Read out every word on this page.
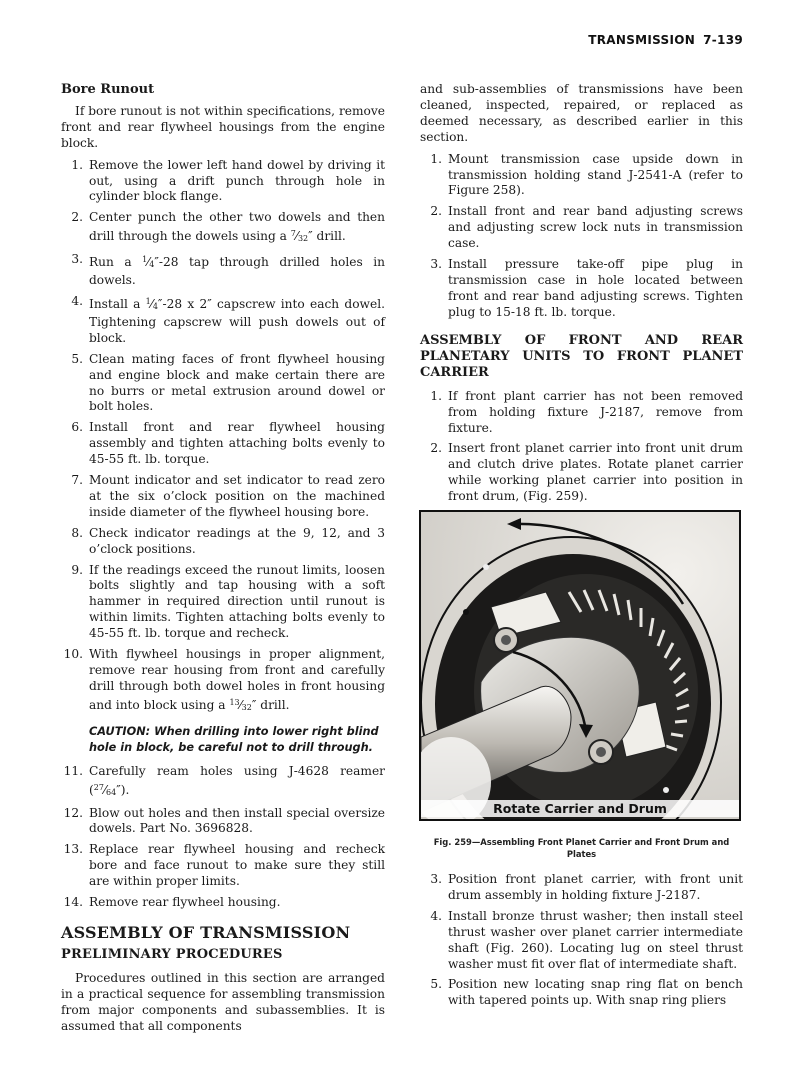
TRANSMISSION 7-139
Bore Runout

If bore runout is not within specifications, remove front and rear flywheel housings from the engine block.

1. Remove the lower left hand dowel by driving it out, using a drift punch through hole in cylinder block flange.
2. Center punch the other two dowels and then drill through the dowels using a $^7⁄_{32}''$ drill.
3. Run a $^1⁄_4''-28$ tap through drilled holes in dowels.
4. Install a $^1⁄_4''-28$ x 2″ capscrew into each dowel. Tightening capscrew will push dowels out of block.
5. Clean mating faces of front flywheel housing and engine block and make certain there are no burrs or metal extrusion around dowel or bolt holes.
6. Install front and rear flywheel housing assembly and tighten attaching bolts evenly to 45-55 ft. lb. torque.
7. Mount indicator and set indicator to read zero at the six o’clock position on the machined inside diameter of the flywheel housing bore.
8. Check indicator readings at the 9, 12, and 3 o’clock positions.
9. If the readings exceed the runout limits, loosen bolts slightly and tap housing with a soft hammer in required direction until runout is within limits. Tighten attaching bolts evenly to 45-55 ft. lb. torque and recheck.
10. With flywheel housings in proper alignment, remove rear housing from front and carefully drill through both dowel holes in front housing and into block using a $^{13}⁄_{32}''$ drill.
CAUTION: When drilling into lower right blind hole in block, be careful not to drill through.
11. Carefully ream holes using J-4628 reamer $(^{27}⁄_{64}'')$.
12. Blow out holes and then install special oversize dowels. Part No. 3696828.
13. Replace rear flywheel housing and recheck bore and face runout to make sure they still are within proper limits.
14. Remove rear flywheel housing.
ASSEMBLY OF TRANSMISSION
PRELIMINARY PROCEDURES

Procedures outlined in this section are arranged in a practical sequence for assembling transmission from major components and subassemblies. It is assumed that all components

and sub-assemblies of transmissions have been cleaned, inspected, repaired, or replaced as deemed necessary, as described earlier in this section.

1. Mount transmission case upside down in transmission holding stand J-2541-A (refer to Figure 258).
2. Install front and rear band adjusting screws and adjusting screw lock nuts in transmission case.
3. Install pressure take-off pipe plug in transmission case in hole located between front and rear band adjusting screws. Tighten plug to 15-18 ft. lb. torque.
ASSEMBLY OF FRONT AND REAR PLANETARY UNITS TO FRONT PLANET CARRIER
1. If front plant carrier has not been removed from holding fixture J-2187, remove from fixture.
2. Insert front planet carrier into front unit drum and clutch drive plates. Rotate planet carrier while working planet carrier into position in front drum, (Fig. 259).
Rotate Carrier and Drum
Fig. 259—Assembling Front Planet Carrier and Front Drum and Plates
3. Position front planet carrier, with front unit drum assembly in holding fixture J-2187.
4. Install bronze thrust washer; then install steel thrust washer over planet carrier intermediate shaft (Fig. 260). Locating lug on steel thrust washer must fit over flat of intermediate shaft.
5. Position new locating snap ring flat on bench with tapered points up. With snap ring pliers
